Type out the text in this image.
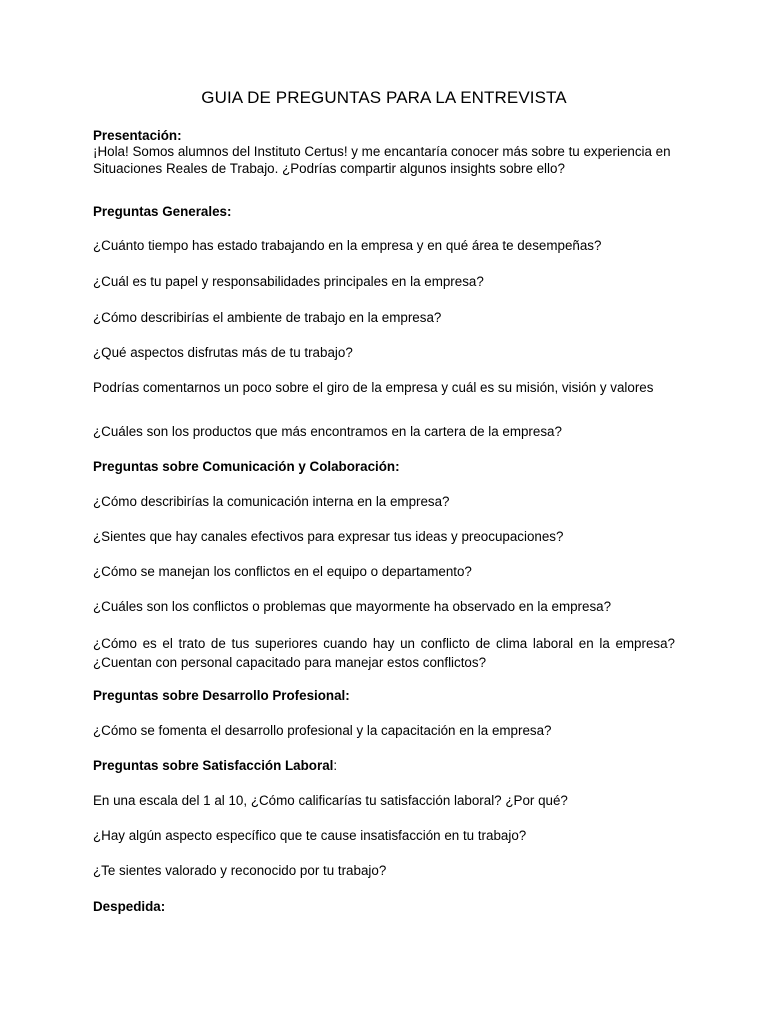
GUIA DE PREGUNTAS PARA LA ENTREVISTA
Presentación:
¡Hola! Somos alumnos del Instituto Certus! y me encantaría conocer más sobre tu experiencia en Situaciones Reales de Trabajo. ¿Podrías compartir algunos insights sobre ello?
Preguntas Generales:
¿Cuánto tiempo has estado trabajando en la empresa y en qué área te desempeñas?
¿Cuál es tu papel y responsabilidades principales en la empresa?
¿Cómo describirías el ambiente de trabajo en la empresa?
¿Qué aspectos disfrutas más de tu trabajo?
Podrías comentarnos un poco sobre el giro de la empresa y cuál es su misión, visión y valores
¿Cuáles son los productos que más encontramos en la cartera de la empresa?
Preguntas sobre Comunicación y Colaboración:
¿Cómo describirías la comunicación interna en la empresa?
¿Sientes que hay canales efectivos para expresar tus ideas y preocupaciones?
¿Cómo se manejan los conflictos en el equipo o departamento?
¿Cuáles son los conflictos o problemas que mayormente ha observado en la empresa?
¿Cómo es el trato de tus superiores cuando hay un conflicto de clima laboral en la empresa?¿Cuentan con personal capacitado para manejar estos conflictos?
Preguntas sobre Desarrollo Profesional:
¿Cómo se fomenta el desarrollo profesional y la capacitación en la empresa?
Preguntas sobre Satisfacción Laboral:
En una escala del 1 al 10, ¿Cómo calificarías tu satisfacción laboral? ¿Por qué?
¿Hay algún aspecto específico que te cause insatisfacción en tu trabajo?
¿Te sientes valorado y reconocido por tu trabajo?
Despedida:
